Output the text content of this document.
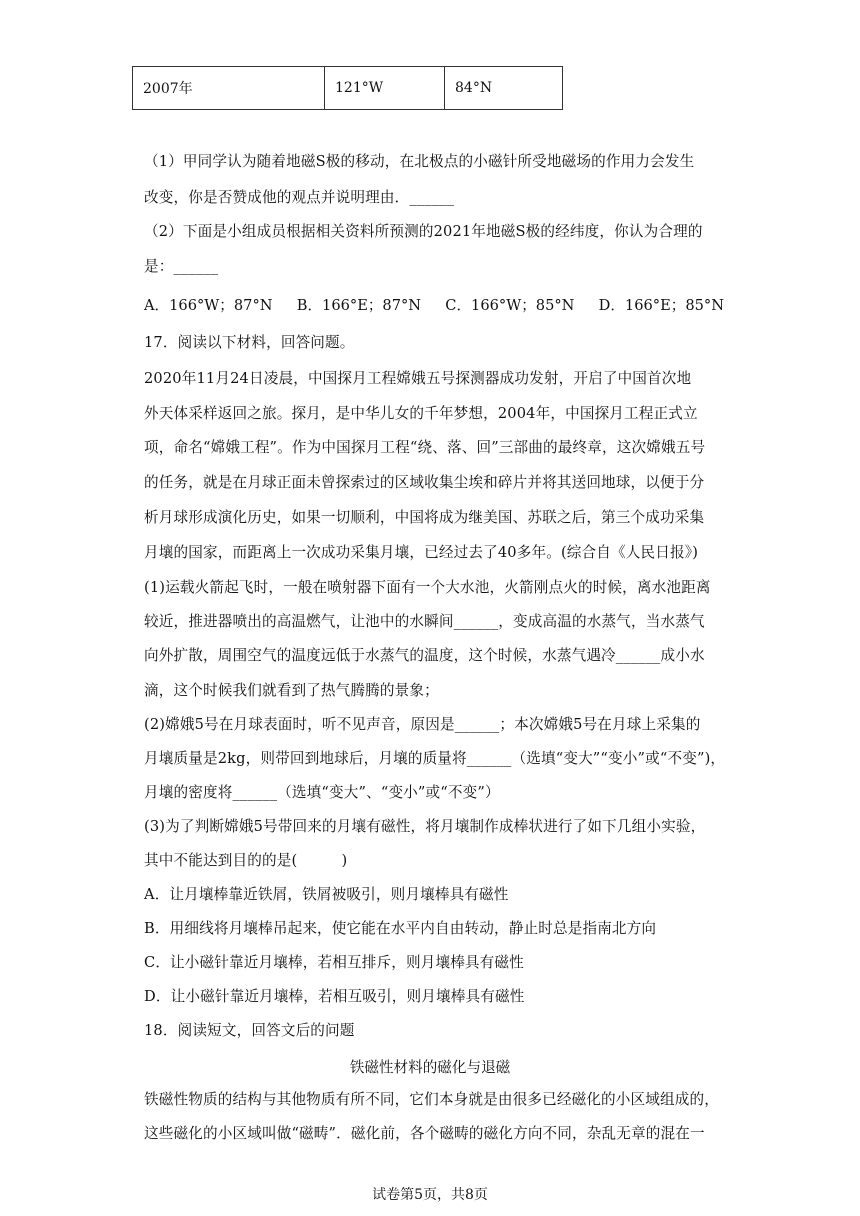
2007年	121°W	84°N
（1）甲同学认为随着地磁S极的移动，在北极点的小磁针所受地磁场的作用力会发生
改变，你是否赞成他的观点并说明理由．______
（2）下面是小组成员根据相关资料所预测的2021年地磁S极的经纬度，你认为合理的
是：______
A．166°W；87°N B．166°E；87°N C．166°W；85°N D．166°E；85°N
17．阅读以下材料，回答问题。
2020年11月24日凌晨，中国探月工程嫦娥五号探测器成功发射，开启了中国首次地
外天体采样返回之旅。探月，是中华儿女的千年梦想，2004年，中国探月工程正式立
项，命名“嫦娥工程”。作为中国探月工程“绕、落、回”三部曲的最终章，这次嫦娥五号
的任务，就是在月球正面未曾探索过的区域收集尘埃和碎片并将其送回地球，以便于分
析月球形成演化历史，如果一切顺利，中国将成为继美国、苏联之后，第三个成功采集
月壤的国家，而距离上一次成功采集月壤，已经过去了40多年。(综合自《人民日报》)
(1)运载火箭起飞时，一般在喷射器下面有一个大水池，火箭刚点火的时候，离水池距离
较近，推进器喷出的高温燃气，让池中的水瞬间______，变成高温的水蒸气，当水蒸气
向外扩散，周围空气的温度远低于水蒸气的温度，这个时候，水蒸气遇冷______成小水
滴，这个时候我们就看到了热气腾腾的景象；
(2)嫦娥5号在月球表面时，听不见声音，原因是______；本次嫦娥5号在月球上采集的
月壤质量是2kg，则带回到地球后，月壤的质量将______（选填“变大”“变小”或“不变”)，
月壤的密度将______（选填“变大”、“变小”或“不变”）
(3)为了判断嫦娥5号带回来的月壤有磁性，将月壤制作成棒状进行了如下几组小实验，
其中不能达到目的的是(　　　)
A．让月壤棒靠近铁屑，铁屑被吸引，则月壤棒具有磁性
B．用细线将月壤棒吊起来，使它能在水平内自由转动，静止时总是指南北方向
C．让小磁针靠近月壤棒，若相互排斥，则月壤棒具有磁性
D．让小磁针靠近月壤棒，若相互吸引，则月壤棒具有磁性
18．阅读短文，回答文后的问题
铁磁性材料的磁化与退磁
铁磁性物质的结构与其他物质有所不同，它们本身就是由很多已经磁化的小区域组成的，
这些磁化的小区域叫做“磁畴”．磁化前，各个磁畴的磁化方向不同，杂乱无章的混在一
试卷第5页，共8页
